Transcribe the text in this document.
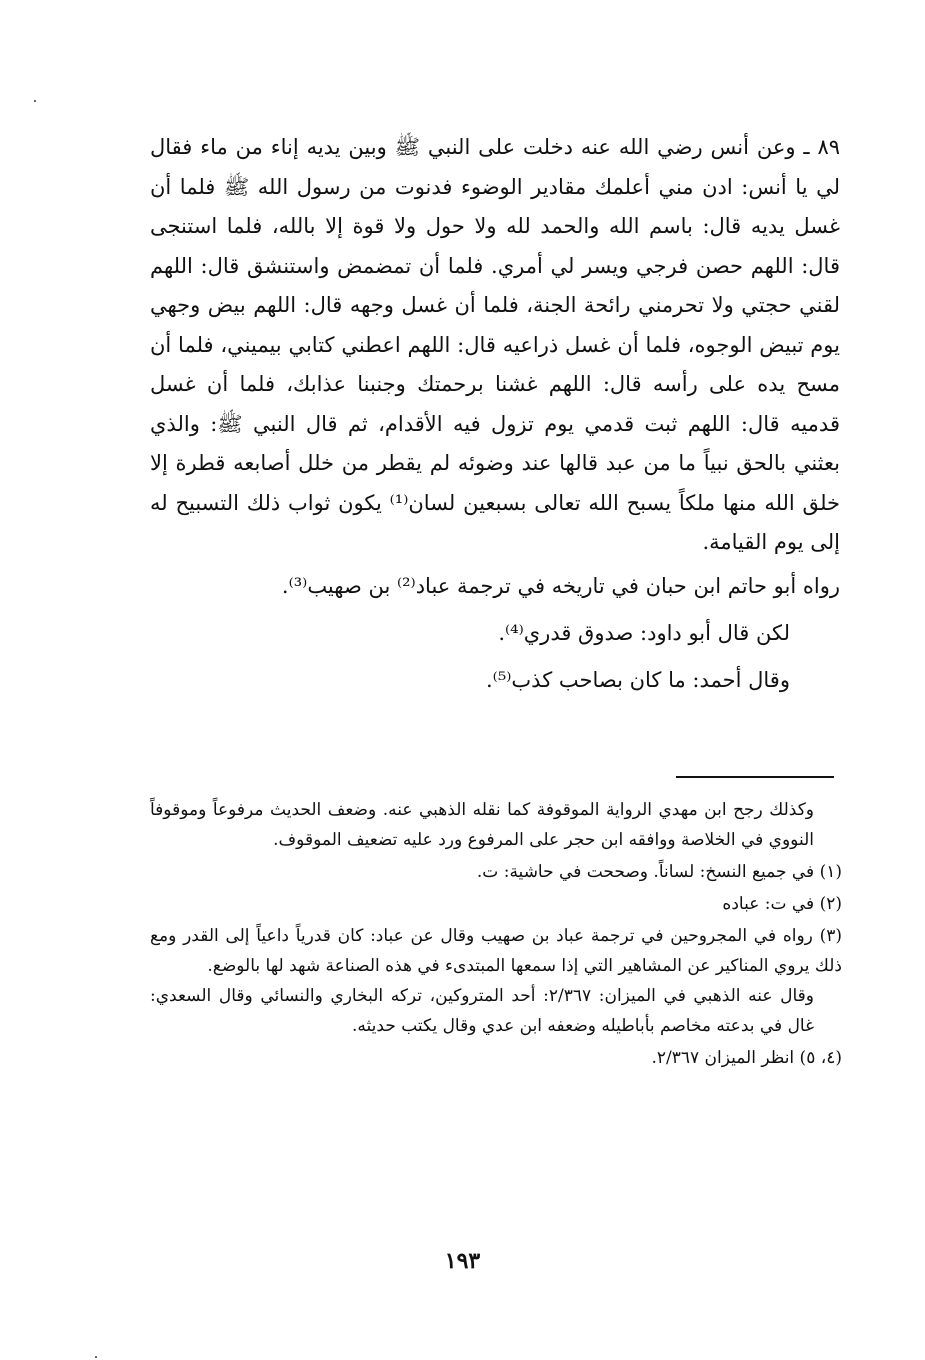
٨٩ ـ وعن أنس رضي الله عنه دخلت على النبي ﷺ وبين يديه إناء من ماء فقال لي يا أنس: ادن مني أعلمك مقادير الوضوء فدنوت من رسول الله ﷺ فلما أن غسل يديه قال: باسم الله والحمد لله ولا حول ولا قوة إلا بالله، فلما استنجى قال: اللهم حصن فرجي ويسر لي أمري. فلما أن تمضمض واستنشق قال: اللهم لقني حجتي ولا تحرمني رائحة الجنة، فلما أن غسل وجهه قال: اللهم بيض وجهي يوم تبيض الوجوه، فلما أن غسل ذراعيه قال: اللهم اعطني كتابي بيميني، فلما أن مسح يده على رأسه قال: اللهم غشنا برحمتك وجنبنا عذابك، فلما أن غسل قدميه قال: اللهم ثبت قدمي يوم تزول فيه الأقدام، ثم قال النبي ﷺ: والذي بعثني بالحق نبياً ما من عبد قالها عند وضوئه لم يقطر من خلل أصابعه قطرة إلا خلق الله منها ملكاً يسبح الله تعالى بسبعين لسان⁽¹⁾ يكون ثواب ذلك التسبيح له إلى يوم القيامة.

رواه أبو حاتم ابن حبان في تاريخه في ترجمة عباد⁽²⁾ بن صهيب⁽³⁾.

لكن قال أبو داود: صدوق قدري⁽⁴⁾.

وقال أحمد: ما كان بصاحب كذب⁽⁵⁾.

وكذلك رجح ابن مهدي الرواية الموقوفة كما نقله الذهبي عنه. وضعف الحديث مرفوعاً وموقوفاً النووي في الخلاصة ووافقه ابن حجر على المرفوع ورد عليه تضعيف الموقوف.

(١) في جميع النسخ: لساناً. وصححت في حاشية: ت.

(٢) في ت: عباده

(٣) رواه في المجروحين في ترجمة عباد بن صهيب وقال عن عباد: كان قدرياً داعياً إلى القدر ومع ذلك يروي المناكير عن المشاهير التي إذا سمعها المبتدىء في هذه الصناعة شهد لها بالوضع.

وقال عنه الذهبي في الميزان: ٢/٣٦٧: أحد المتروكين، تركه البخاري والنسائي وقال السعدي: غال في بدعته مخاصم بأباطيله وضعفه ابن عدي وقال يكتب حديثه.

(٤، ٥) انظر الميزان ٢/٣٦٧.

١٩٣
